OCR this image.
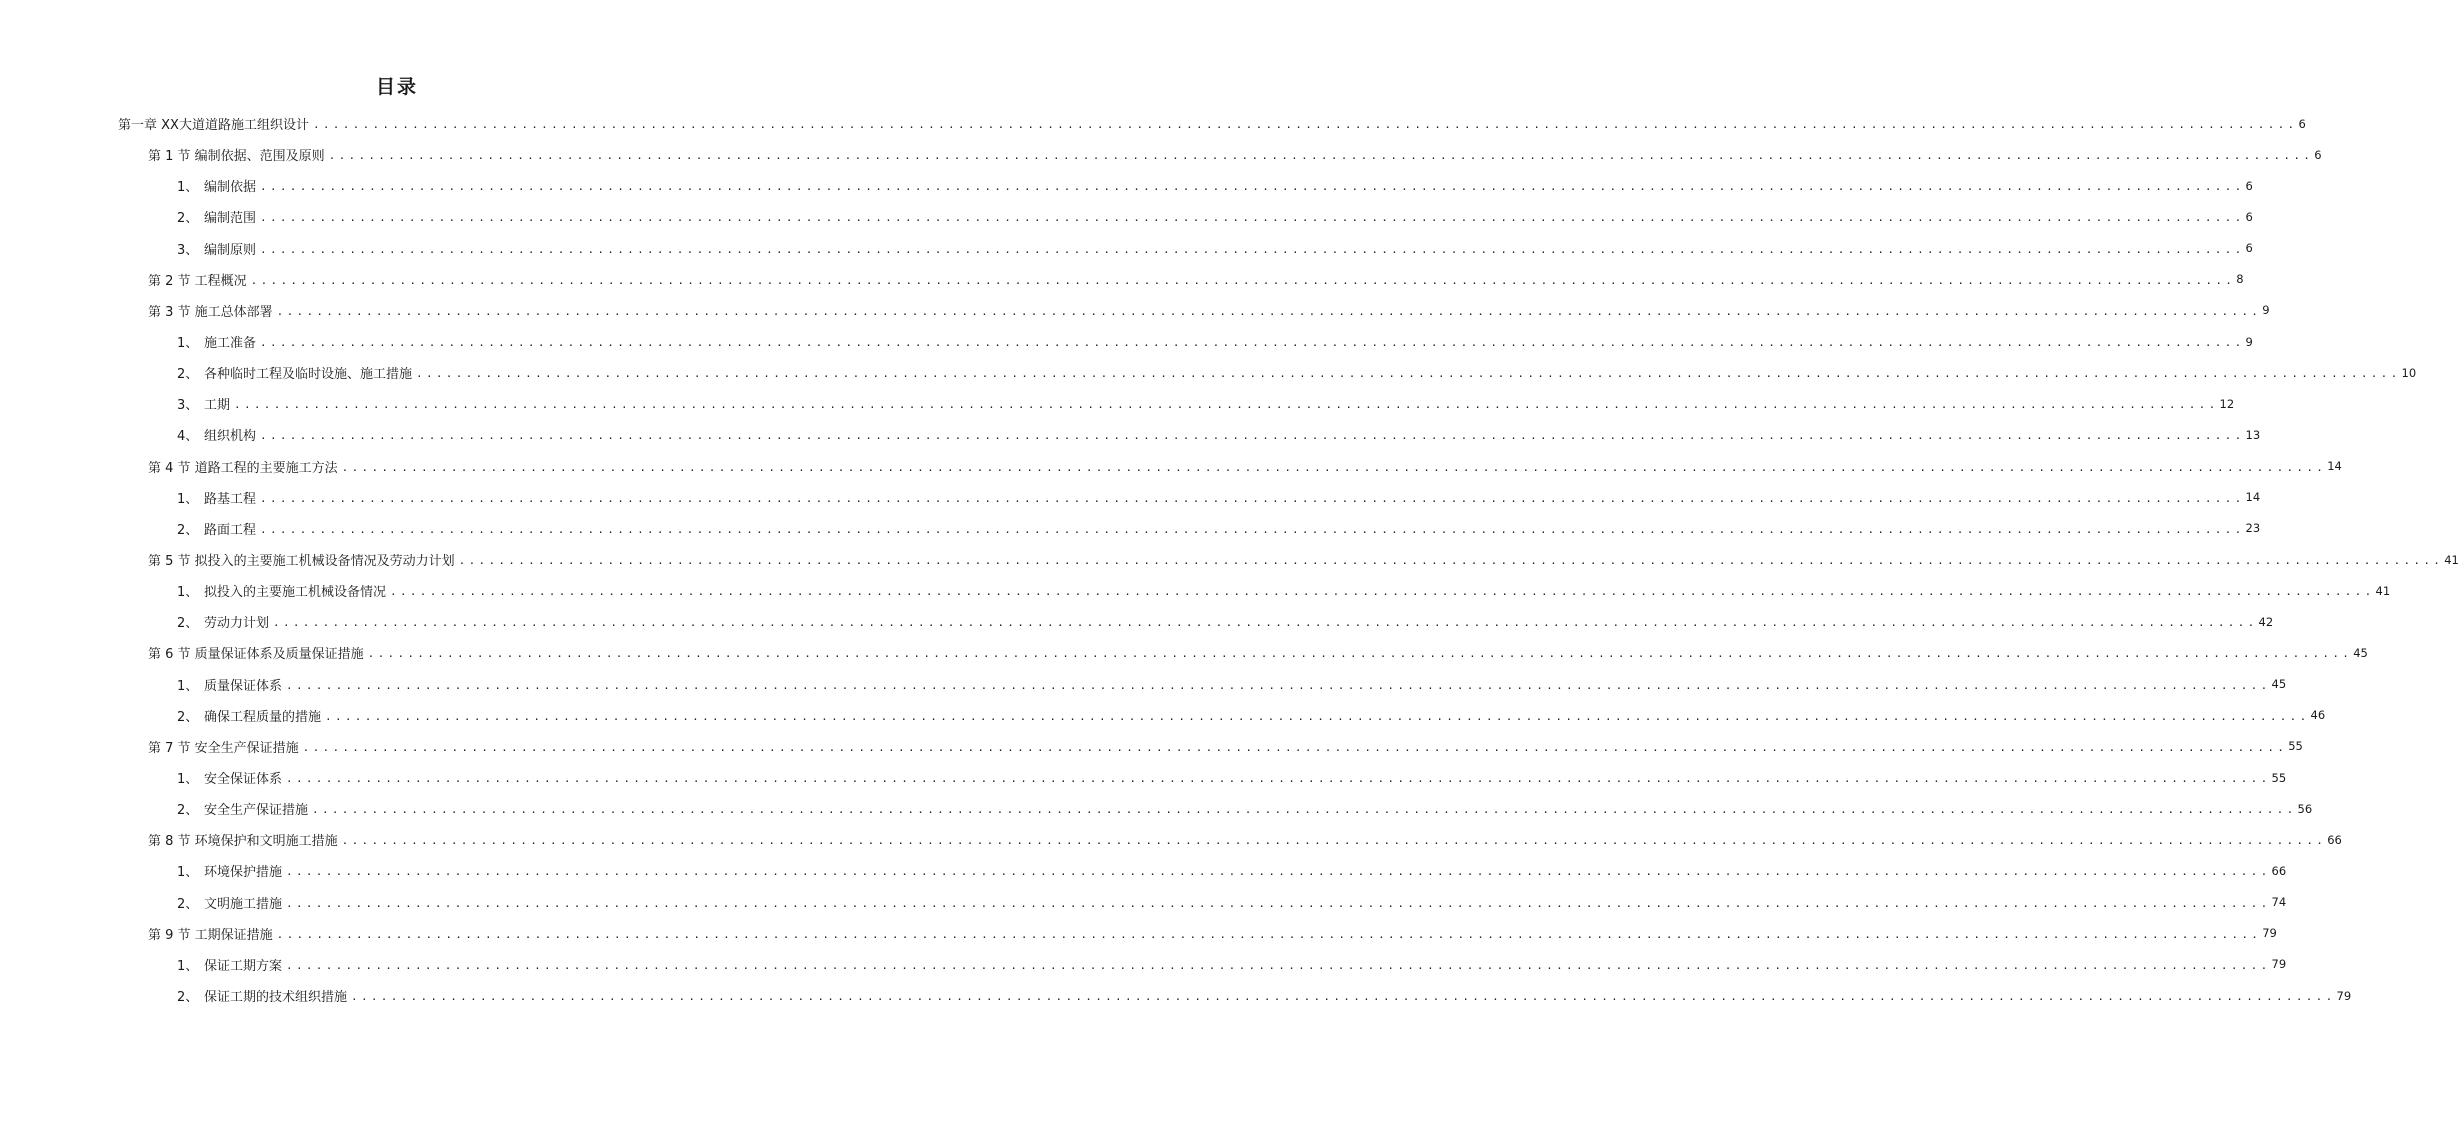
目录
第一章 XX大道道路施工组织设计 ........................................................................................................................................................................................................ 6
第 1 节 编制依据、范围及原则 ........................................................................................................................................................................................................ 6
1、 编制依据 ........................................................................................................................................................................................................ 6
2、 编制范围 ........................................................................................................................................................................................................ 6
3、 编制原则 ........................................................................................................................................................................................................ 6
第 2 节 工程概况 ........................................................................................................................................................................................................ 8
第 3 节 施工总体部署 ........................................................................................................................................................................................................ 9
1、 施工准备 ........................................................................................................................................................................................................ 9
2、 各种临时工程及临时设施、施工措施 ........................................................................................................................................................................................................ 10
3、 工期 ........................................................................................................................................................................................................ 12
4、 组织机构 ........................................................................................................................................................................................................ 13
第 4 节 道路工程的主要施工方法 ........................................................................................................................................................................................................ 14
1、 路基工程 ........................................................................................................................................................................................................ 14
2、 路面工程 ........................................................................................................................................................................................................ 23
第 5 节 拟投入的主要施工机械设备情况及劳动力计划 ........................................................................................................................................................................................................ 41
1、 拟投入的主要施工机械设备情况 ........................................................................................................................................................................................................ 41
2、 劳动力计划 ........................................................................................................................................................................................................ 42
第 6 节 质量保证体系及质量保证措施 ........................................................................................................................................................................................................ 45
1、 质量保证体系 ........................................................................................................................................................................................................ 45
2、 确保工程质量的措施 ........................................................................................................................................................................................................ 46
第 7 节 安全生产保证措施 ........................................................................................................................................................................................................ 55
1、 安全保证体系 ........................................................................................................................................................................................................ 55
2、 安全生产保证措施 ........................................................................................................................................................................................................ 56
第 8 节 环境保护和文明施工措施 ........................................................................................................................................................................................................ 66
1、 环境保护措施 ........................................................................................................................................................................................................ 66
2、 文明施工措施 ........................................................................................................................................................................................................ 74
第 9 节 工期保证措施 ........................................................................................................................................................................................................ 79
1、 保证工期方案 ........................................................................................................................................................................................................ 79
2、 保证工期的技术组织措施 ........................................................................................................................................................................................................ 79
